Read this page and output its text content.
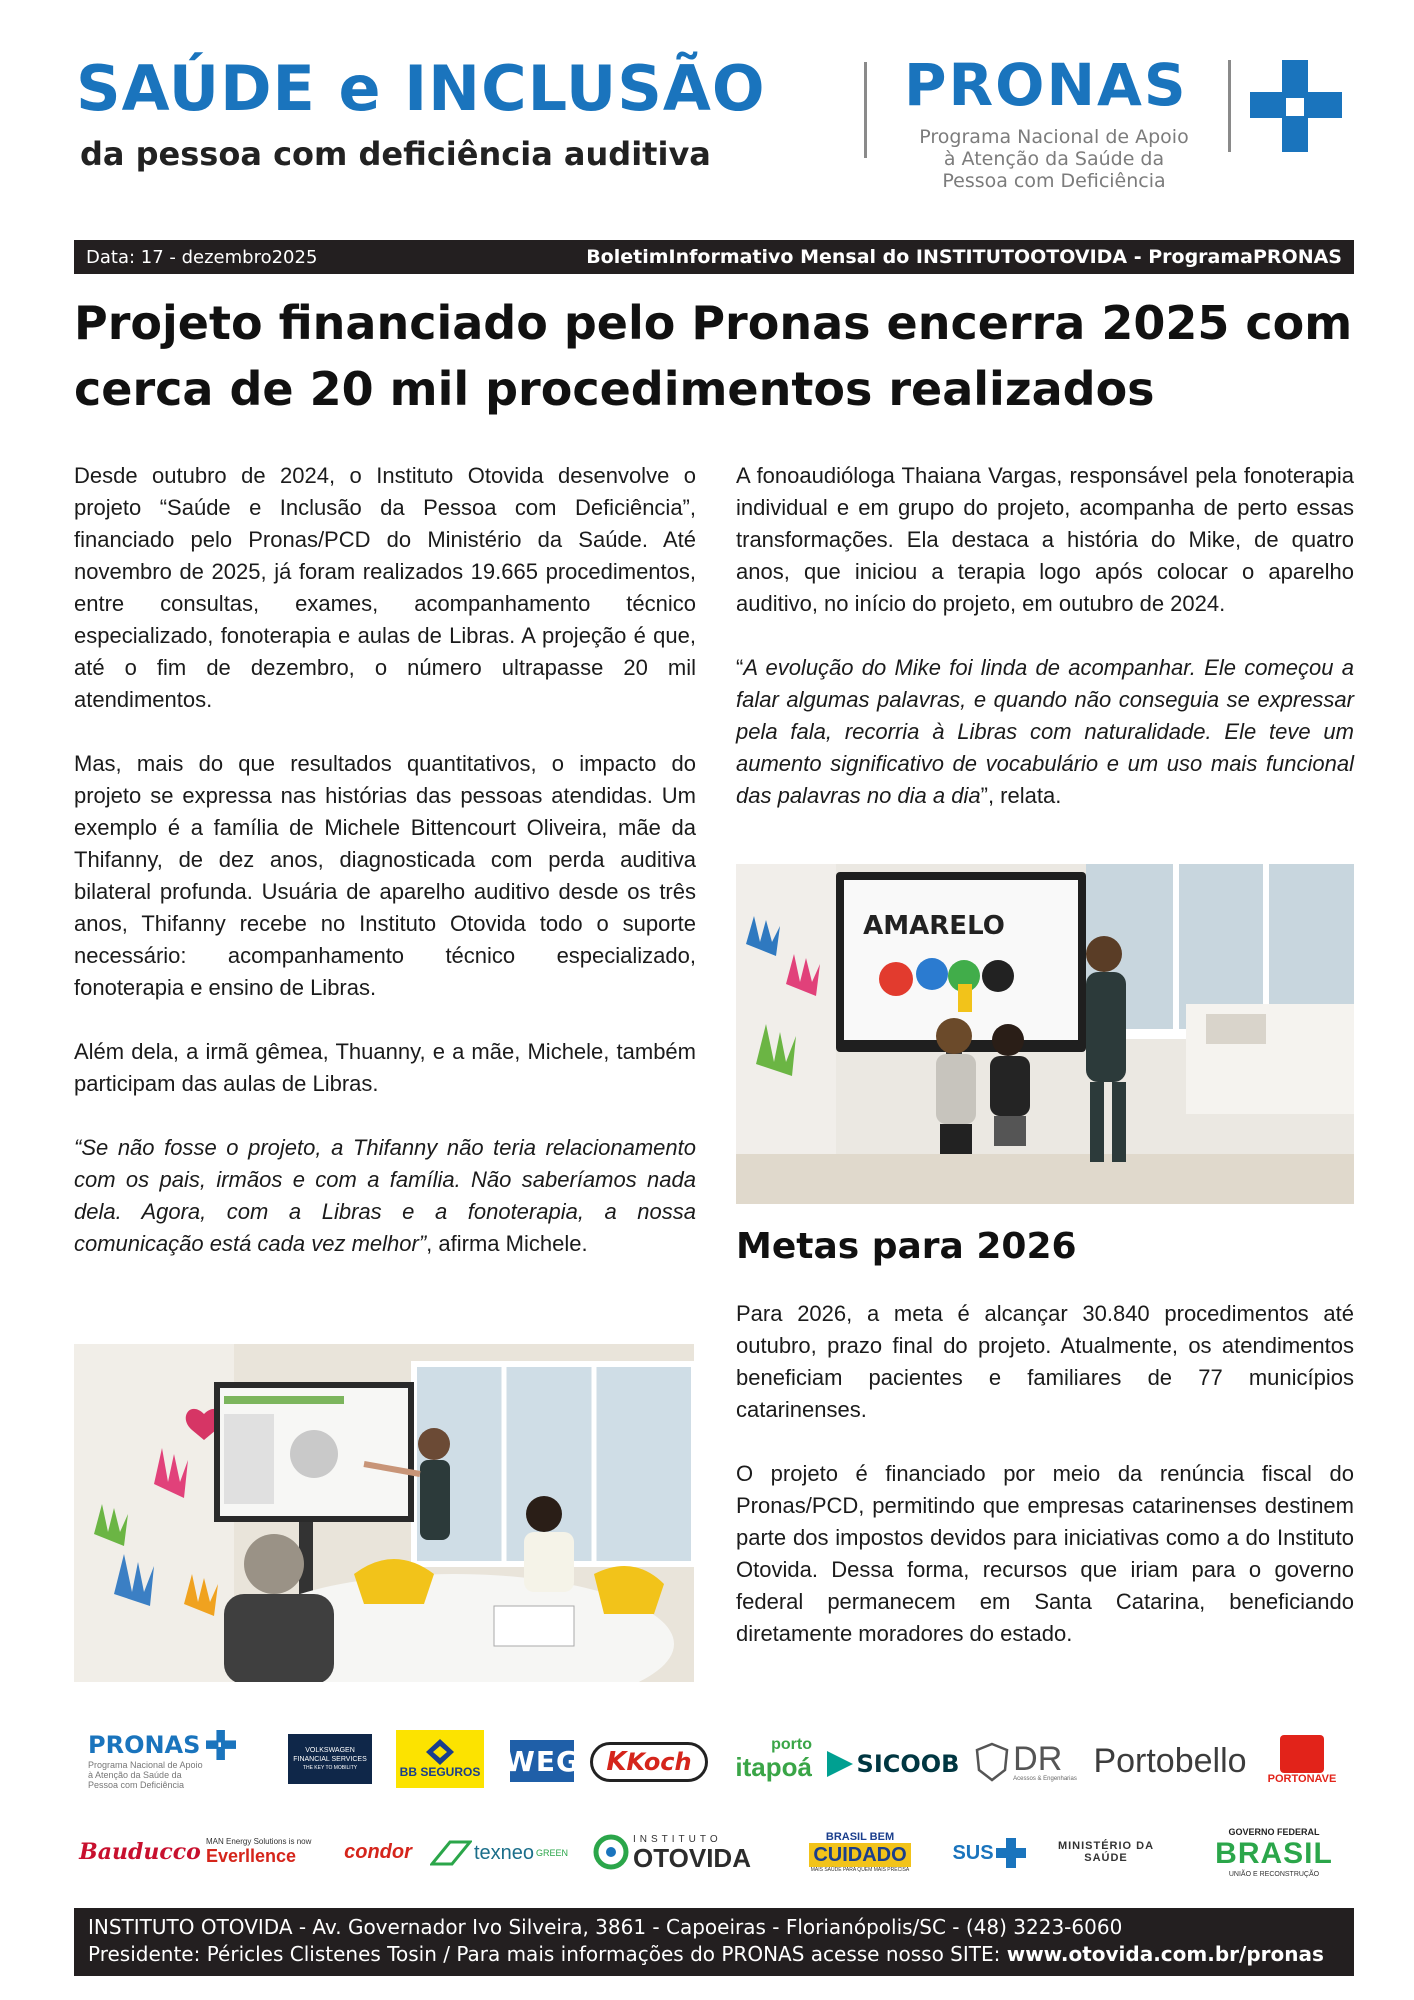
SAÚDE e INCLUSÃO
da pessoa com deficiência auditiva
PRONAS
Programa Nacional de Apoio
à Atenção da Saúde da
Pessoa com Deficiência
Data: 17 - dezembro2025	BoletimInformativo Mensal do INSTITUTOOTOVIDA - ProgramaPRONAS
Projeto financiado pelo Pronas encerra 2025 com cerca de 20 mil procedimentos realizados

Desde outubro de 2024, o Instituto Otovida desenvolve o projeto “Saúde e Inclusão da Pessoa com Deficiência”, financiado pelo Pronas/PCD do Ministério da Saúde. Até novembro de 2025, já foram realizados 19.665 procedimentos, entre consultas, exames, acompanhamento técnico especializado, fonoterapia e aulas de Libras. A projeção é que, até o fim de dezembro, o número ultrapasse 20 mil atendimentos.

Mas, mais do que resultados quantitativos, o impacto do projeto se expressa nas histórias das pessoas atendidas. Um exemplo é a família de Michele Bittencourt Oliveira, mãe da Thifanny, de dez anos, diagnosticada com perda auditiva bilateral profunda. Usuária de aparelho auditivo desde os três anos, Thifanny recebe no Instituto Otovida todo o suporte necessário: acompanhamento técnico especializado, fonoterapia e ensino de Libras.

Além dela, a irmã gêmea, Thuanny, e a mãe, Michele, também participam das aulas de Libras.

“Se não fosse o projeto, a Thifanny não teria relacionamento com os pais, irmãos e com a família. Não saberíamos nada dela. Agora, com a Libras e a fonoterapia, a nossa comunicação está cada vez melhor”, afirma Michele.

A fonoaudióloga Thaiana Vargas, responsável pela fonoterapia individual e em grupo do projeto, acompanha de perto essas transformações. Ela destaca a história do Mike, de quatro anos, que iniciou a terapia logo após colocar o aparelho auditivo, no início do projeto, em outubro de 2024.

“A evolução do Mike foi linda de acompanhar. Ele começou a falar algumas palavras, e quando não conseguia se expressar pela fala, recorria à Libras com naturalidade. Ele teve um aumento significativo de vocabulário e um uso mais funcional das palavras no dia a dia”, relata.

AMARELO
Metas para 2026

Para 2026, a meta é alcançar 30.840 procedimentos até outubro, prazo final do projeto. Atualmente, os atendimentos beneficiam pacientes e familiares de 77 municípios catarinenses.

O projeto é financiado por meio da renúncia fiscal do Pronas/PCD, permitindo que empresas catarinenses destinem parte dos impostos devidos para iniciativas como a do Instituto Otovida. Dessa forma, recursos que iriam para o governo federal permanecem em Santa Catarina, beneficiando diretamente moradores do estado.

PRONAS
Programa Nacional de Apoio
à Atenção da Saúde da
Pessoa com Deficiência
VOLKSWAGEN
FINANCIAL SERVICES
THE KEY TO MOBILITY	BB SEGUROS WEG K Koch
porto
itapoá SICOOB DR
Acessos & Engenharias Portobello PORTONAVE
Bauducco MAN Energy Solutions is now
Everllence condor	texneo GREEN
INSTITUTO
OTOVIDA
BRASIL BEM
CUIDADO
MAIS SAÚDE PARA QUEM MAIS PRECISA
SUS	MINISTÉRIO DA
SAÚDE
GOVERNO FEDERAL
BRASIL
UNIÃO E RECONSTRUÇÃO
INSTITUTO OTOVIDA - Av. Governador Ivo Silveira, 3861 - Capoeiras - Florianópolis/SC - (48) 3223-6060
Presidente: Péricles Clistenes Tosin / Para mais informações do PRONAS acesse nosso SITE: www.otovida.com.br/pronas
